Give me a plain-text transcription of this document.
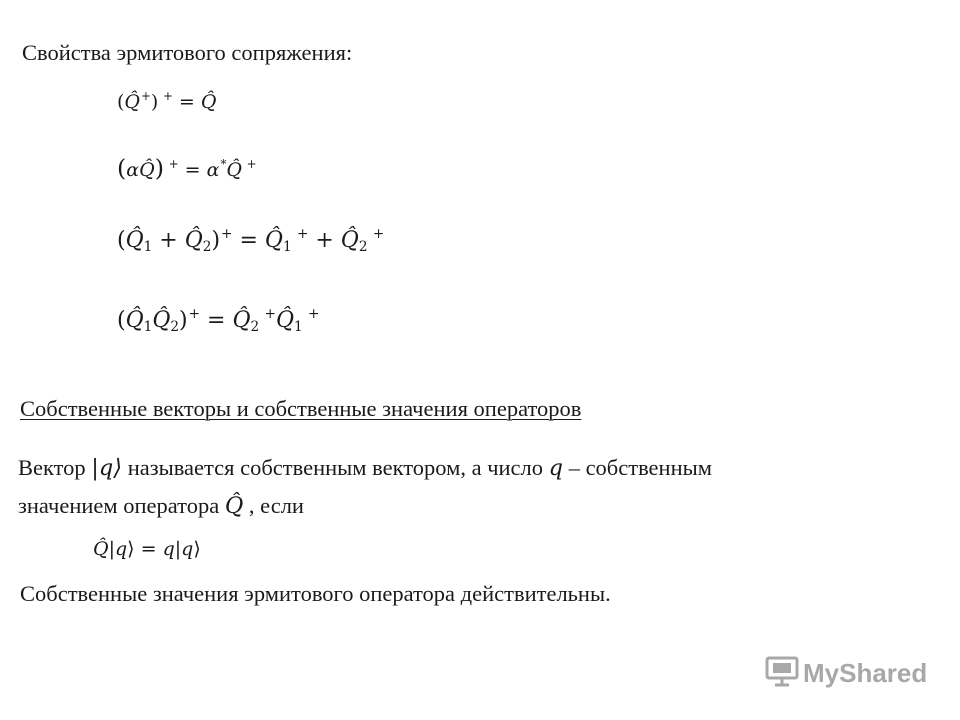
Свойства эрмитового сопряжения:
(Q̂+) + = Q̂
(αQ̂) + = α*Q̂ +
($Q̂_1$ + $Q̂_2)^+$ = $Q̂_1$ $^+ + Q̂_2$ +
$(Q̂_1Q̂_2)^+$ = $Q̂_2$ $^+Q̂_1$ +
Собственные векторы и собственные значения операторов
Вектор |q⟩ называется собственным вектором, а число q – собственным
значением оператора Q̂ , если
Q̂|q⟩ = q|q⟩
Собственные значения эрмитового оператора действительны.
MyShared
